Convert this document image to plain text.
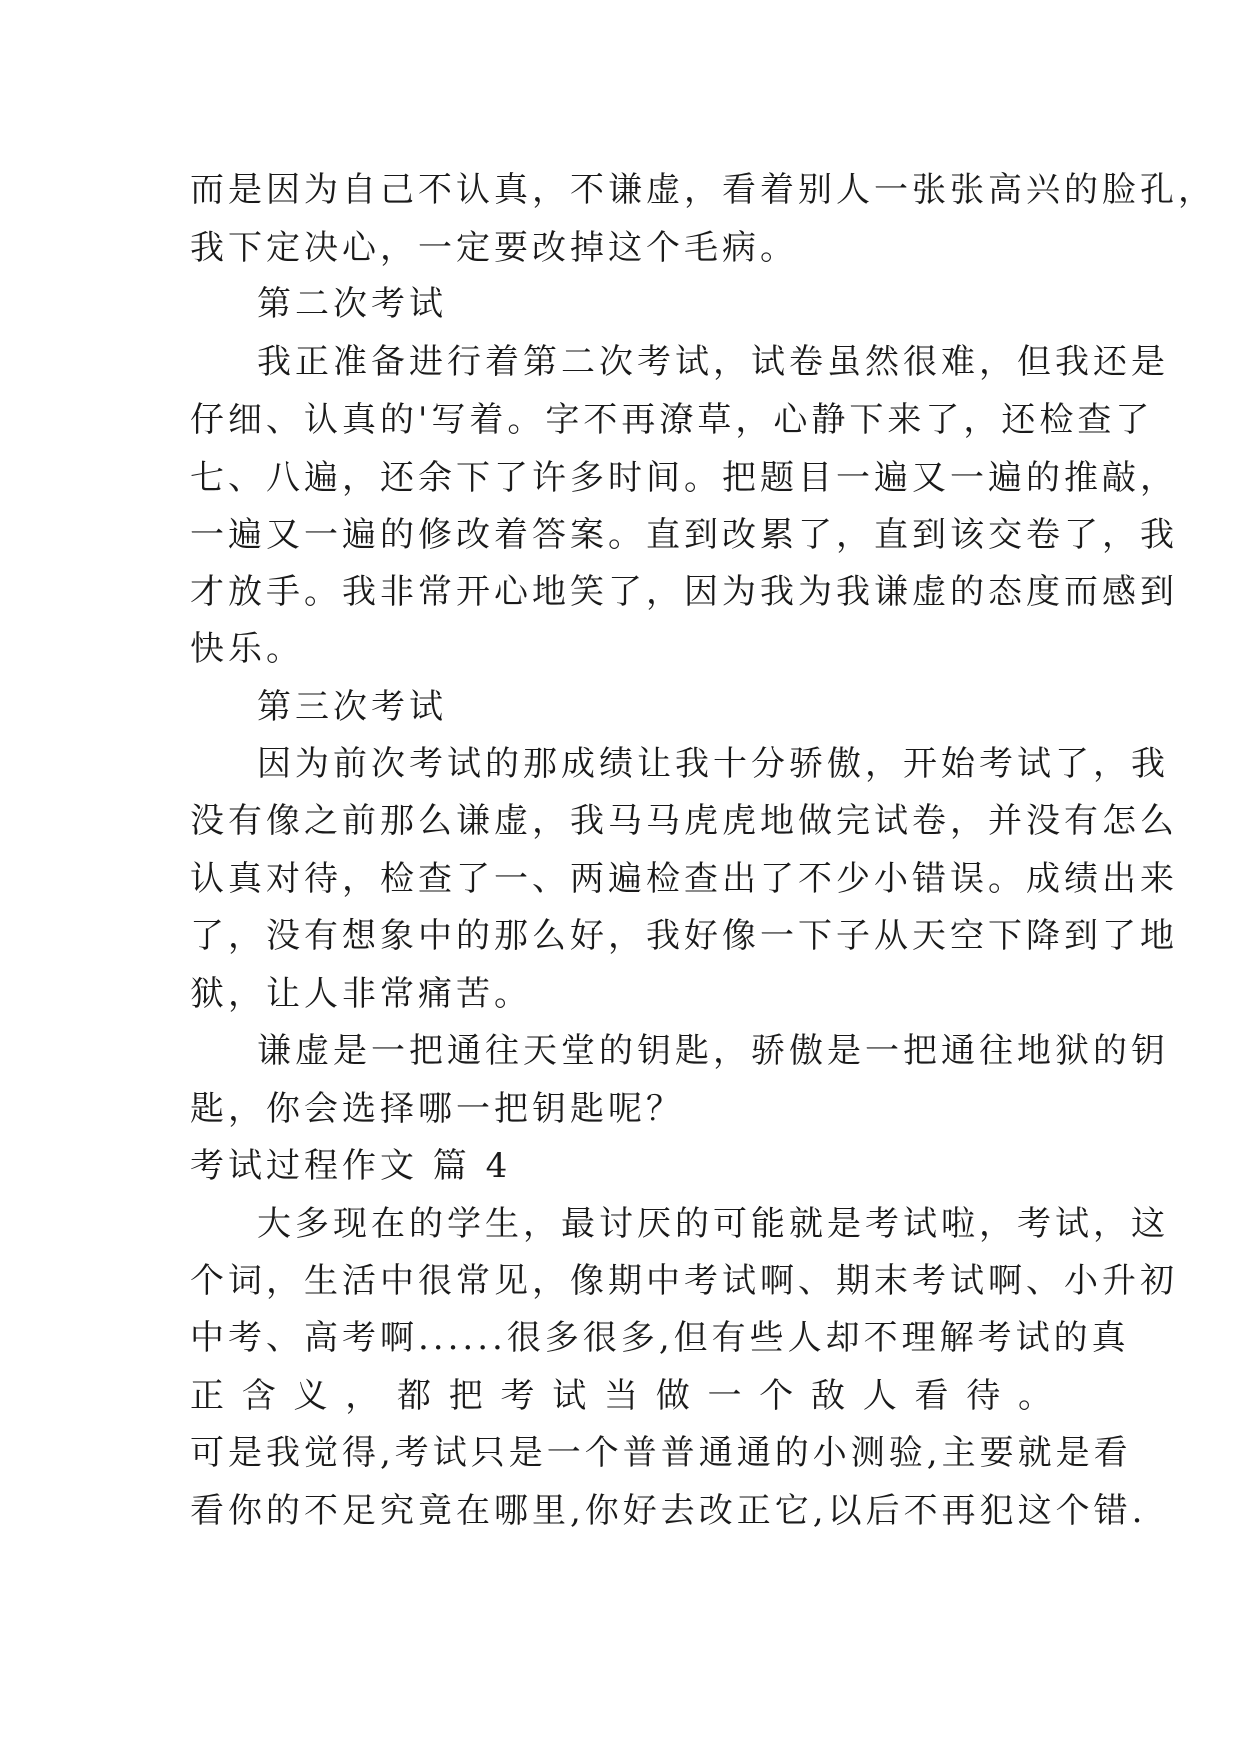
而是因为自己不认真，不谦虚，看着别人一张张高兴的脸孔，
我下定决心，一定要改掉这个毛病。
第二次考试
我正准备进行着第二次考试，试卷虽然很难，但我还是
仔细、认真的'写着。字不再潦草，心静下来了，还检查了
七、八遍，还余下了许多时间。把题目一遍又一遍的推敲，
一遍又一遍的修改着答案。直到改累了，直到该交卷了，我
才放手。我非常开心地笑了，因为我为我谦虚的态度而感到
快乐。
第三次考试
因为前次考试的那成绩让我十分骄傲，开始考试了，我
没有像之前那么谦虚，我马马虎虎地做完试卷，并没有怎么
认真对待，检查了一、两遍检查出了不少小错误。成绩出来
了，没有想象中的那么好，我好像一下子从天空下降到了地
狱，让人非常痛苦。
谦虚是一把通往天堂的钥匙，骄傲是一把通往地狱的钥
匙，你会选择哪一把钥匙呢？
考试过程作文 篇 4
大多现在的学生，最讨厌的可能就是考试啦，考试，这
个词，生活中很常见，像期中考试啊、期末考试啊、小升初
中考、高考啊......很多很多,但有些人却不理解考试的真
正 含 义 ， 都 把 考 试 当 做 一 个 敌 人 看 待 。
可是我觉得,考试只是一个普普通通的小测验,主要就是看
看你的不足究竟在哪里,你好去改正它,以后不再犯这个错.
